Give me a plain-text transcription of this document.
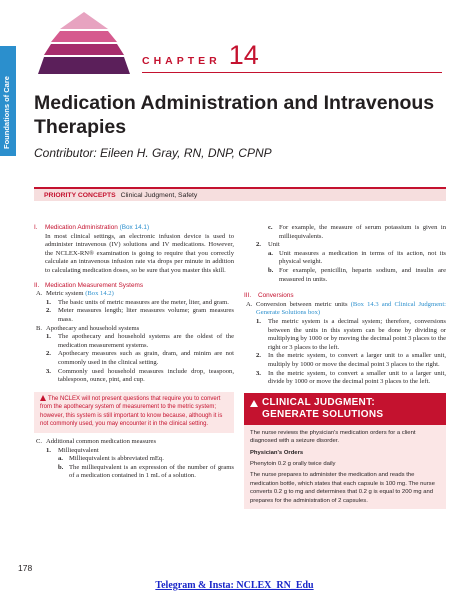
Foundations of Care
CHAPTER 14
Medication Administration and Intravenous Therapies
Contributor: Eileen H. Gray, RN, DNP, CPNP
PRIORITY CONCEPTS Clinical Judgment, Safety
I. Medication Administration (Box 14.1)
In most clinical settings, an electronic infusion device is used to administer intravenous (IV) solutions and IV medications. However, the NCLEX-RN® examination is going to require that you correctly calculate an intravenous infusion rate via drops per minute in addition to calculating medication doses, so be sure that you master this skill.
II. Medication Measurement Systems
A. Metric system (Box 14.2)
1.	The basic units of metric measures are the meter, liter, and gram.
2.	Meter measures length; liter measures volume; gram measures mass.
B. Apothecary and household systems
1.	The apothecary and household systems are the oldest of the medication measurement systems.
2.	Apothecary measures such as grain, dram, and minim are not commonly used in the clinical setting.
3.	Commonly used household measures include drop, teaspoon, tablespoon, ounce, pint, and cup.
The NCLEX will not present questions that require you to convert from the apothecary system of measurement to the metric system; however, this system is still important to know because, although it is not commonly used, you may encounter it in the clinical setting.
C. Additional common medication measures
1.	Milliequivalent
a. Milliequivalent is abbreviated mEq.
b. The milliequivalent is an expression of the number of grams of a medication contained in 1 mL of a solution.
c. For example, the measure of serum potassium is given in milliequivalents.
2.	Unit
a. Unit measures a medication in terms of its action, not its physical weight.
b. For example, penicillin, heparin sodium, and insulin are measured in units.
III. Conversions
A. Conversion between metric units (Box 14.3 and Clinical Judgment: Generate Solutions box)
1.	The metric system is a decimal system; therefore, conversions between the units in this system can be done by dividing or multiplying by 1000 or by moving the decimal point 3 places to the right or 3 places to the left.
2.	In the metric system, to convert a larger unit to a smaller unit, multiply by 1000 or move the decimal point 3 places to the right.
3.	In the metric system, to convert a smaller unit to a larger unit, divide by 1000 or move the decimal point 3 places to the left.
CLINICAL JUDGMENT:
GENERATE SOLUTIONS
The nurse reviews the physician's medication orders for a client diagnosed with a seizure disorder.
Physician's Orders

Phenytoin 0.2 g orally twice daily

The nurse prepares to administer the medication and reads the medication bottle, which states that each capsule is 100 mg. The nurse converts 0.2 g to mg and determines that 0.2 g is equal to 200 mg and prepares for the administration of 2 capsules.

178
Telegram & Insta: NCLEX_RN_Edu
